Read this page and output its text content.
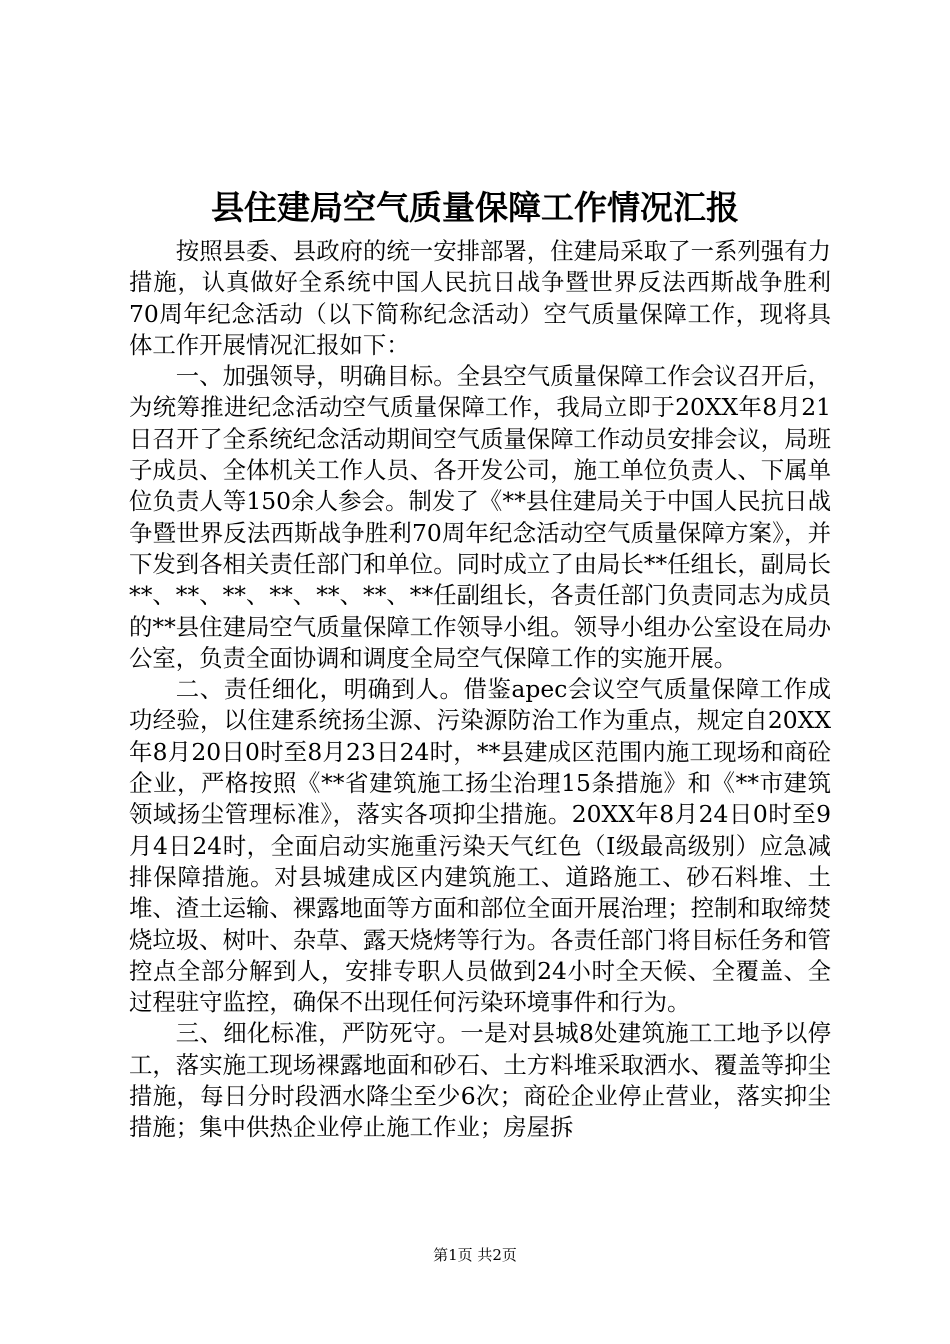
县住建局空气质量保障工作情况汇报

按照县委、县政府的统一安排部署，住建局采取了一系列强有力措施，认真做好全系统中国人民抗日战争暨世界反法西斯战争胜利70周年纪念活动（以下简称纪念活动）空气质量保障工作，现将具体工作开展情况汇报如下：

一、加强领导，明确目标。全县空气质量保障工作会议召开后，为统筹推进纪念活动空气质量保障工作，我局立即于20XX年8月21日召开了全系统纪念活动期间空气质量保障工作动员安排会议，局班子成员、全体机关工作人员、各开发公司，施工单位负责人、下属单位负责人等150余人参会。制发了《**县住建局关于中国人民抗日战争暨世界反法西斯战争胜利70周年纪念活动空气质量保障方案》，并下发到各相关责任部门和单位。同时成立了由局长**任组长，副局长**、**、**、**、**、**、**任副组长，各责任部门负责同志为成员的**县住建局空气质量保障工作领导小组。领导小组办公室设在局办公室，负责全面协调和调度全局空气保障工作的实施开展。

二、责任细化，明确到人。借鉴apec会议空气质量保障工作成功经验，以住建系统扬尘源、污染源防治工作为重点，规定自20XX年8月20日0时至8月23日24时，**县建成区范围内施工现场和商砼企业，严格按照《**省建筑施工扬尘治理15条措施》和《**市建筑领域扬尘管理标准》，落实各项抑尘措施。20XX年8月24日0时至9月4日24时，全面启动实施重污染天气红色（Ⅰ级最高级别）应急减排保障措施。对县城建成区内建筑施工、道路施工、砂石料堆、土堆、渣土运输、裸露地面等方面和部位全面开展治理；控制和取缔焚烧垃圾、树叶、杂草、露天烧烤等行为。各责任部门将目标任务和管控点全部分解到人，安排专职人员做到24小时全天候、全覆盖、全过程驻守监控，确保不出现任何污染环境事件和行为。

三、细化标准，严防死守。一是对县城8处建筑施工工地予以停工，落实施工现场裸露地面和砂石、土方料堆采取洒水、覆盖等抑尘措施，每日分时段洒水降尘至少6次；商砼企业停止营业，落实抑尘措施；集中供热企业停止施工作业；房屋拆

第1页 共2页
